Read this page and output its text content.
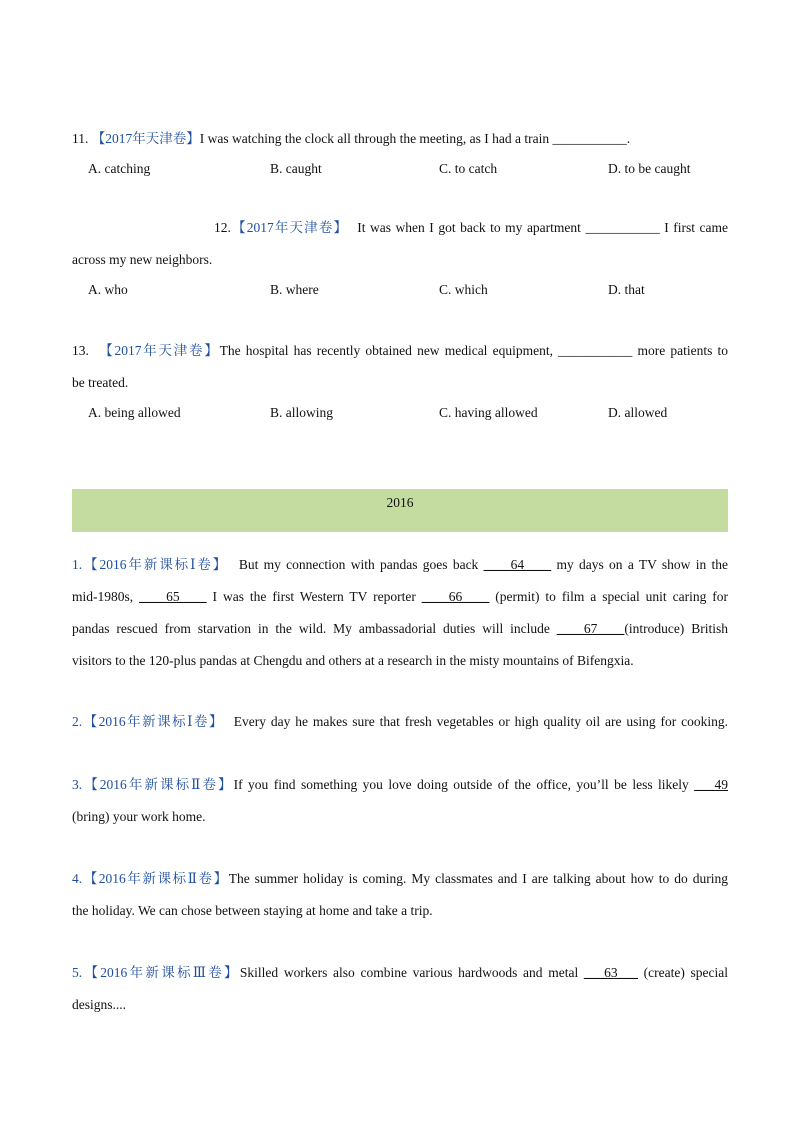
11. 【2017年天津卷】I was watching the clock all through the meeting, as I had a train ___________.
A. catching	B. caught	C. to catch	D. to be caught
12.【2017年天津卷】 It was when I got back to my apartment ___________ I first came
across my new neighbors.
A. who	B. where	C. which	D. that
13. 【2017年天津卷】The hospital has recently obtained new medical equipment, ___________ more patients to
be treated.
A. being allowed	B. allowing	C. having allowed	D. allowed
2016
1.【2016年新课标Ⅰ卷】 But my connection with pandas goes back ____64____ my days on a TV show in the
mid-1980s, ____65____ I was the first Western TV reporter ____66____ (permit) to film a special unit caring for
pandas rescued from starvation in the wild. My ambassadorial duties will include ____67____(introduce) British
visitors to the 120-plus pandas at Chengdu and others at a research in the misty mountains of Bifengxia.
2.【2016年新课标Ⅰ卷】 Every day he makes sure that fresh vegetables or high quality oil are using for cooking.
3.【2016年新课标Ⅱ卷】If you find something you love doing outside of the office, you’ll be less likely ___49
(bring) your work home.
4.【2016年新课标Ⅱ卷】The summer holiday is coming. My classmates and I are talking about how to do during
the holiday. We can chose between staying at home and take a trip.
5.【2016年新课标Ⅲ卷】Skilled workers also combine various hardwoods and metal ___63___ (create) special
designs....
